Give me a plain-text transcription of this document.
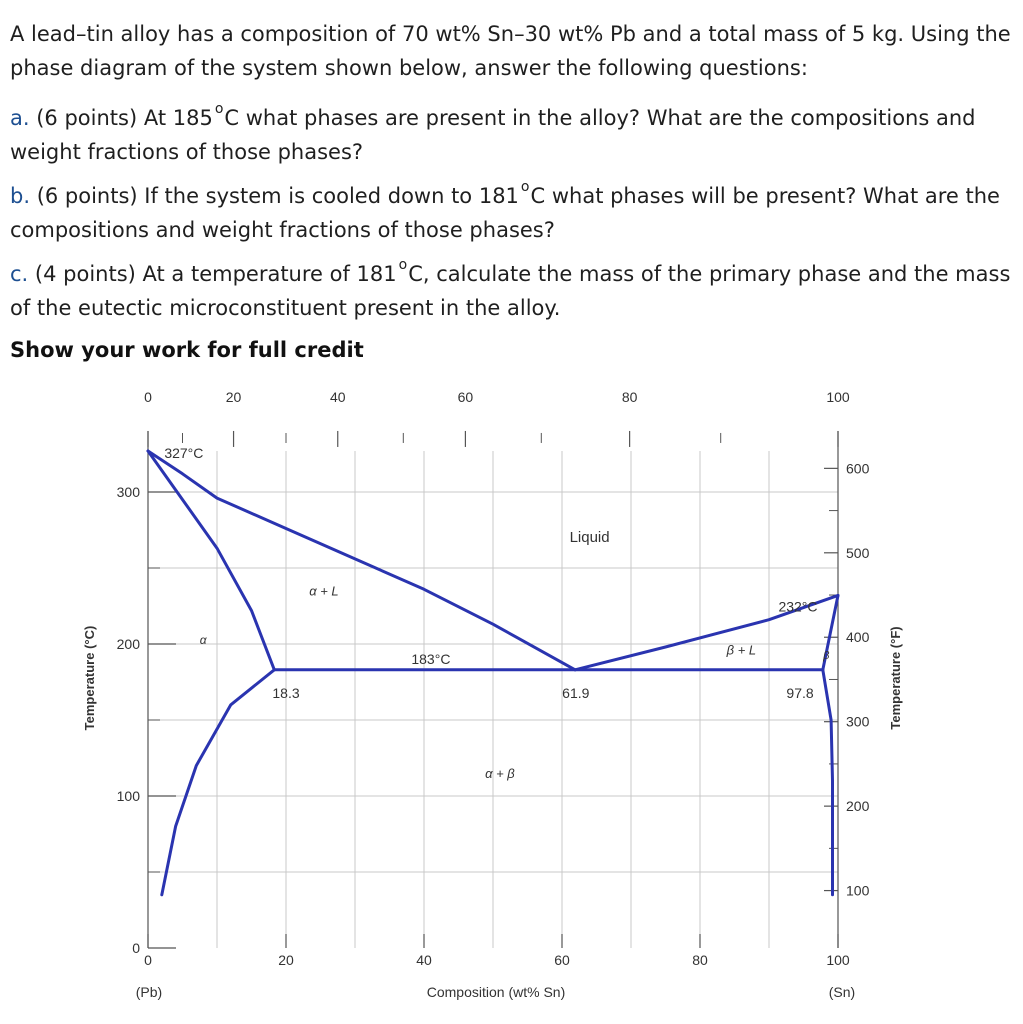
A lead–tin alloy has a composition of 70 wt% Sn–30 wt% Pb and a total mass of 5 kg. Using the phase diagram of the system shown below, answer the following questions:

a. (6 points) At 185 $^o$C what phases are present in the alloy? What are the compositions and weight fractions of those phases?

b. (6 points) If the system is cooled down to 181 $^o$C what phases will be present? What are the compositions and weight fractions of those phases?

c. (4 points) At a temperature of 181 $^o$C, calculate the mass of the primary phase and the mass of the eutectic microconstituent present in the alloy.

Show your work for full credit

0	20	40	60	80	100
0	20	40	60	80	100
0
100
200
300
100
200
300
400
500
600
327°C
232°C
183°C
18.3	61.9	97.8
Liquid
α + L
β + L
α + β
α
β
Composition (wt% Sn)
(Pb)	(Sn)
Temperature (°C)	Temperature (°F)
